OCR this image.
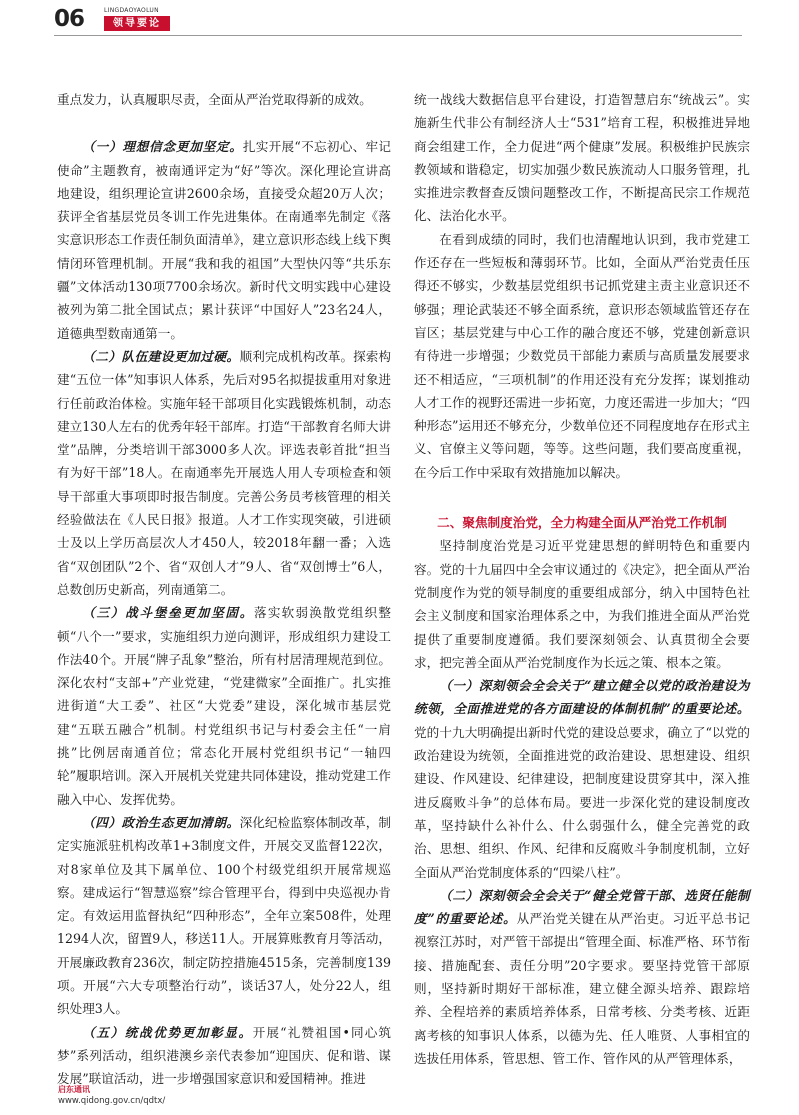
06	LINGDAOYAOLUN
领导要论

重点发力，认真履职尽责，全面从严治党取得新的成效。

（一）理想信念更加坚定。扎实开展“不忘初心、牢记使命”主题教育，被南通评定为“好”等次。深化理论宣讲高地建设，组织理论宣讲2600余场，直接受众超20万人次；获评全省基层党员冬训工作先进集体。在南通率先制定《落实意识形态工作责任制负面清单》，建立意识形态线上线下舆情闭环管理机制。开展“我和我的祖国”大型快闪等“共乐东疆”文体活动130项7700余场次。新时代文明实践中心建设被列为第二批全国试点；累计获评“中国好人”23名24人，道德典型数南通第一。

（二）队伍建设更加过硬。顺利完成机构改革。探索构建“五位一体”知事识人体系，先后对95名拟提拔重用对象进行任前政治体检。实施年轻干部项目化实践锻炼机制，动态建立130人左右的优秀年轻干部库。打造“干部教育名师大讲堂”品牌，分类培训干部3000多人次。评选表彰首批“担当有为好干部”18人。在南通率先开展选人用人专项检查和领导干部重大事项即时报告制度。完善公务员考核管理的相关经验做法在《人民日报》报道。人才工作实现突破，引进硕士及以上学历高层次人才450人，较2018年翻一番；入选省“双创团队”2个、省“双创人才”9人、省“双创博士”6人，总数创历史新高，列南通第二。

（三）战斗堡垒更加坚固。落实软弱涣散党组织整顿“八个一”要求，实施组织力逆向测评，形成组织力建设工作法40个。开展“牌子乱象”整治，所有村居清理规范到位。深化农村“支部+”产业党建，“党建微家”全面推广。扎实推进街道“大工委”、社区“大党委”建设，深化城市基层党建“五联五融合”机制。村党组织书记与村委会主任“一肩挑”比例居南通首位；常态化开展村党组织书记“一轴四轮”履职培训。深入开展机关党建共同体建设，推动党建工作融入中心、发挥优势。

（四）政治生态更加清朗。深化纪检监察体制改革，制定实施派驻机构改革1+3制度文件，开展交叉监督122次，对8家单位及其下属单位、100个村级党组织开展常规巡察。建成运行“智慧巡察”综合管理平台，得到中央巡视办肯定。有效运用监督执纪“四种形态”，全年立案508件，处理1294人次，留置9人，移送11人。开展算账教育月等活动，开展廉政教育236次，制定防控措施4515条，完善制度139项。开展“六大专项整治行动”，谈话37人，处分22人，组织处理3人。

（五）统战优势更加彰显。开展“礼赞祖国•同心筑梦”系列活动，组织港澳乡亲代表参加“迎国庆、促和谐、谋发展”联谊活动，进一步增强国家意识和爱国精神。推进

统一战线大数据信息平台建设，打造智慧启东“统战云”。实施新生代非公有制经济人士“531”培育工程，积极推进异地商会组建工作，全力促进“两个健康”发展。积极维护民族宗教领域和谐稳定，切实加强少数民族流动人口服务管理，扎实推进宗教督查反馈问题整改工作，不断提高民宗工作规范化、法治化水平。

在看到成绩的同时，我们也清醒地认识到，我市党建工作还存在一些短板和薄弱环节。比如，全面从严治党责任压得还不够实，少数基层党组织书记抓党建主责主业意识还不够强；理论武装还不够全面系统，意识形态领域监管还存在盲区；基层党建与中心工作的融合度还不够，党建创新意识有待进一步增强；少数党员干部能力素质与高质量发展要求还不相适应，“三项机制”的作用还没有充分发挥；谋划推动人才工作的视野还需进一步拓宽，力度还需进一步加大；“四种形态”运用还不够充分，少数单位还不同程度地存在形式主义、官僚主义等问题，等等。这些问题，我们要高度重视，在今后工作中采取有效措施加以解决。

二、聚焦制度治党，全力构建全面从严治党工作机制

坚持制度治党是习近平党建思想的鲜明特色和重要内容。党的十九届四中全会审议通过的《决定》，把全面从严治党制度作为党的领导制度的重要组成部分，纳入中国特色社会主义制度和国家治理体系之中，为我们推进全面从严治党提供了重要制度遵循。我们要深刻领会、认真贯彻全会要求，把完善全面从严治党制度作为长远之策、根本之策。

（一）深刻领会全会关于“建立健全以党的政治建设为统领，全面推进党的各方面建设的体制机制”的重要论述。党的十九大明确提出新时代党的建设总要求，确立了“以党的政治建设为统领，全面推进党的政治建设、思想建设、组织建设、作风建设、纪律建设，把制度建设贯穿其中，深入推进反腐败斗争”的总体布局。要进一步深化党的建设制度改革，坚持缺什么补什么、什么弱强什么，健全完善党的政治、思想、组织、作风、纪律和反腐败斗争制度机制，立好全面从严治党制度体系的“四梁八柱”。

（二）深刻领会全会关于“健全党管干部、选贤任能制度”的重要论述。从严治党关键在从严治吏。习近平总书记视察江苏时，对严管干部提出“管理全面、标准严格、环节衔接、措施配套、责任分明”20字要求。要坚持党管干部原则，坚持新时期好干部标准，建立健全源头培养、跟踪培养、全程培养的素质培养体系，日常考核、分类考核、近距离考核的知事识人体系，以德为先、任人唯贤、人事相宜的选拔任用体系，管思想、管工作、管作风的从严管理体系，

启东通讯
www.qidong.gov.cn/qdtx/
